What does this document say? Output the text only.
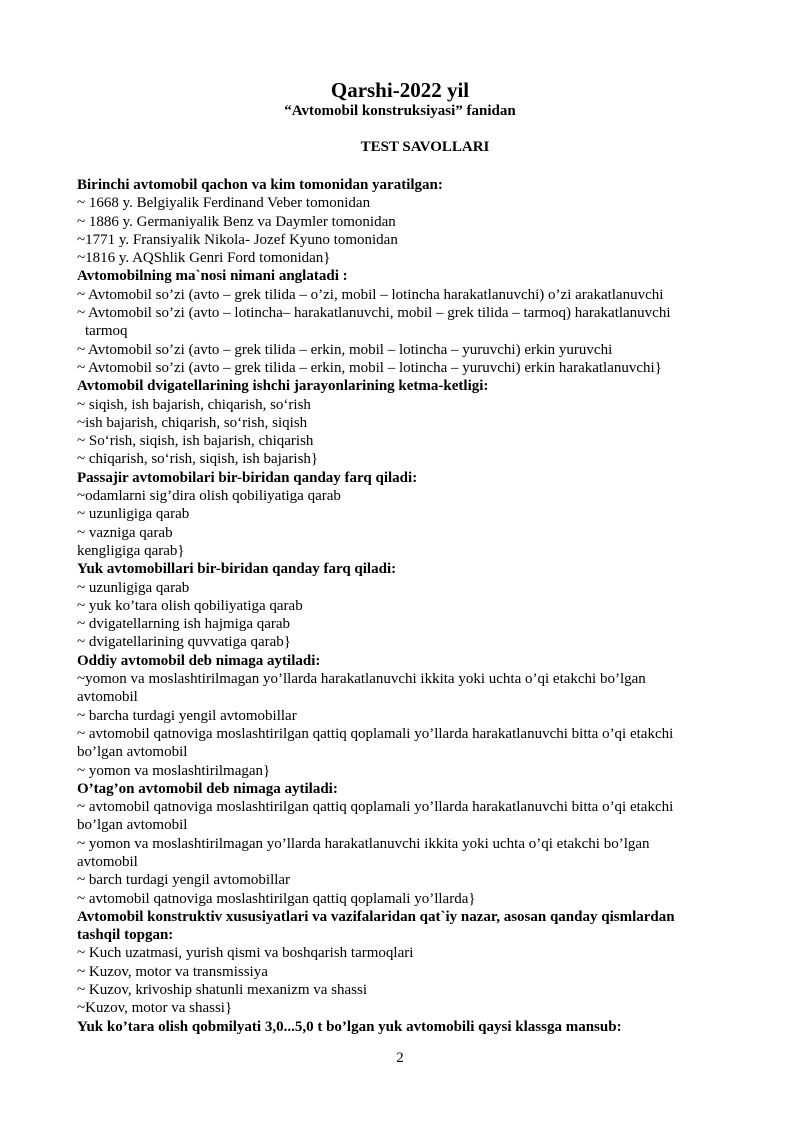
Qarshi-2022 yil
“Avtomobil konstruksiyasi” fanidan
TEST SAVOLLARI
Birinchi avtomobil qachon va kim tomonidan yaratilgan:
~ 1668 y. Belgiyalik Ferdinand Veber tomonidan
~ 1886 y. Germaniyalik Benz va Daymler tomonidan
~1771 y. Fransiyalik Nikola- Jozef Kyuno tomonidan
~1816 y. AQShlik Genri Ford tomonidan}
Avtomobilning ma`nosi nimani anglatadi :
~ Avtomobil so’zi (avto – grek tilida – o’zi, mobil – lotincha harakatlanuvchi) o’zi arakatlanuvchi
~ Avtomobil so’zi (avto – lotincha– harakatlanuvchi, mobil – grek tilida – tarmoq) harakatlanuvchi
tarmoq
~ Avtomobil so’zi (avto – grek tilida – erkin, mobil – lotincha – yuruvchi) erkin yuruvchi
~ Avtomobil so’zi (avto – grek tilida – erkin, mobil – lotincha – yuruvchi) erkin harakatlanuvchi}
Avtomobil dvigatellarining ishchi jarayonlarining ketma-ketligi:
~ siqish, ish bajarish, chiqarish, so‘rish
~ish bajarish, chiqarish, so‘rish, siqish
~ So‘rish, siqish, ish bajarish, chiqarish
~ chiqarish, so‘rish, siqish, ish bajarish}
Passajir avtomobilari bir-biridan qanday farq qiladi:
~odamlarni sig’dira olish qobiliyatiga qarab
~ uzunligiga qarab
~ vazniga qarab
kengligiga qarab}
Yuk avtomobillari bir-biridan qanday farq qiladi:
~ uzunligiga qarab
~ yuk ko’tara olish qobiliyatiga qarab
~ dvigatellarning ish hajmiga qarab
~ dvigatellarining quvvatiga qarab}
Oddiy avtomobil deb nimaga aytiladi:
~yomon va moslashtirilmagan yo’llarda harakatlanuvchi ikkita yoki uchta o’qi etakchi bo’lgan
avtomobil
~ barcha turdagi yengil avtomobillar
~ avtomobil qatnoviga moslashtirilgan qattiq qoplamali yo’llarda harakatlanuvchi bitta o’qi etakchi
bo’lgan avtomobil
~ yomon va moslashtirilmagan}
O’tag’on avtomobil deb nimaga aytiladi:
~ avtomobil qatnoviga moslashtirilgan qattiq qoplamali yo’llarda harakatlanuvchi bitta o’qi etakchi
bo’lgan avtomobil
~ yomon va moslashtirilmagan yo’llarda harakatlanuvchi ikkita yoki uchta o’qi etakchi bo’lgan
avtomobil
~ barch turdagi yengil avtomobillar
~ avtomobil qatnoviga moslashtirilgan qattiq qoplamali yo’llarda}
Avtomobil konstruktiv xususiyatlari va vazifalaridan qat`iy nazar, asosan qanday qismlardan
tashqil topgan:
~ Kuch uzatmasi, yurish qismi va boshqarish tarmoqlari
~ Kuzov, motor va transmissiya
~ Kuzov, krivoship shatunli mexanizm va shassi
~Kuzov, motor va shassi}
Yuk ko’tara olish qobmilyati 3,0...5,0 t bo’lgan yuk avtomobili qaysi klassga mansub:
2
